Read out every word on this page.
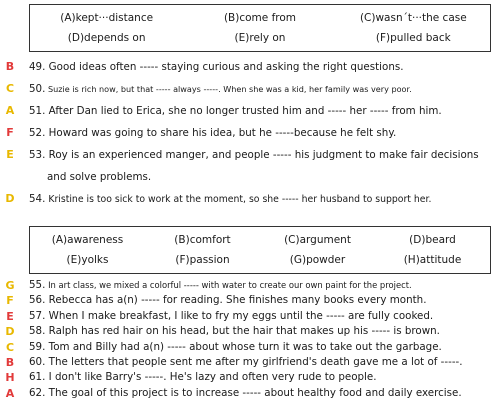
(A)kept···distance	(B)come from	(C)wasn´t···the case
(D)depends on	(E)rely on	(F)pulled back
B	49. Good ideas often ----- staying curious and asking the right questions.
C	50. Suzie is rich now, but that ----- always -----. When she was a kid, her family was very poor.
A	51. After Dan lied to Erica, she no longer trusted him and ----- her ----- from him.
F	52. Howard was going to share his idea, but he -----because he felt shy.
E	53. Roy is an experienced manger, and people ----- his judgment to make fair decisions
and solve problems.
D	54. Kristine is too sick to work at the moment, so she ----- her husband to support her.
(A)awareness	(B)comfort	(C)argument	(D)beard
(E)yolks	(F)passion	(G)powder	(H)attitude
G	55. In art class, we mixed a colorful ----- with water to create our own paint for the project.
F	56. Rebecca has a(n) ----- for reading. She finishes many books every month.
E	57. When I make breakfast, I like to fry my eggs until the ----- are fully cooked.
D	58. Ralph has red hair on his head, but the hair that makes up his ----- is brown.
C	59. Tom and Billy had a(n) ----- about whose turn it was to take out the garbage.
B	60. The letters that people sent me after my girlfriend's death gave me a lot of -----.
H	61. I don't like Barry's -----. He's lazy and often very rude to people.
A	62. The goal of this project is to increase ----- about healthy food and daily exercise.
